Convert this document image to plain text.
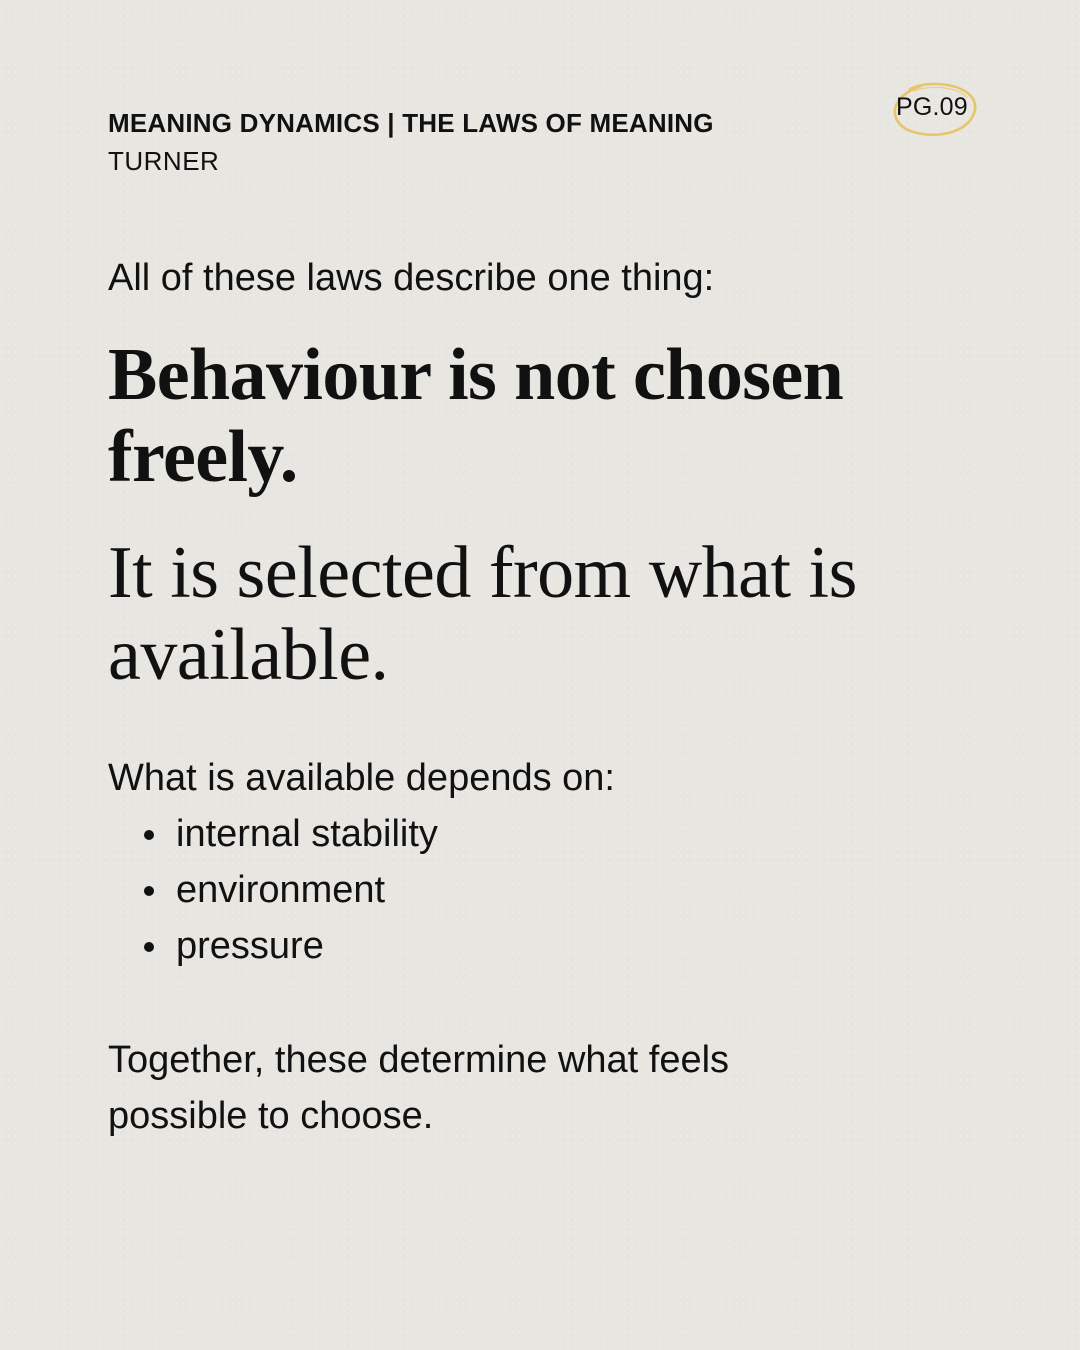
MEANING DYNAMICS | THE LAWS OF MEANING
TURNER
PG.09
All of these laws describe one thing:
Behaviour is not chosen freely.
It is selected from what is available.
What is available depends on:
internal stability
environment
pressure
Together, these determine what feels possible to choose.
